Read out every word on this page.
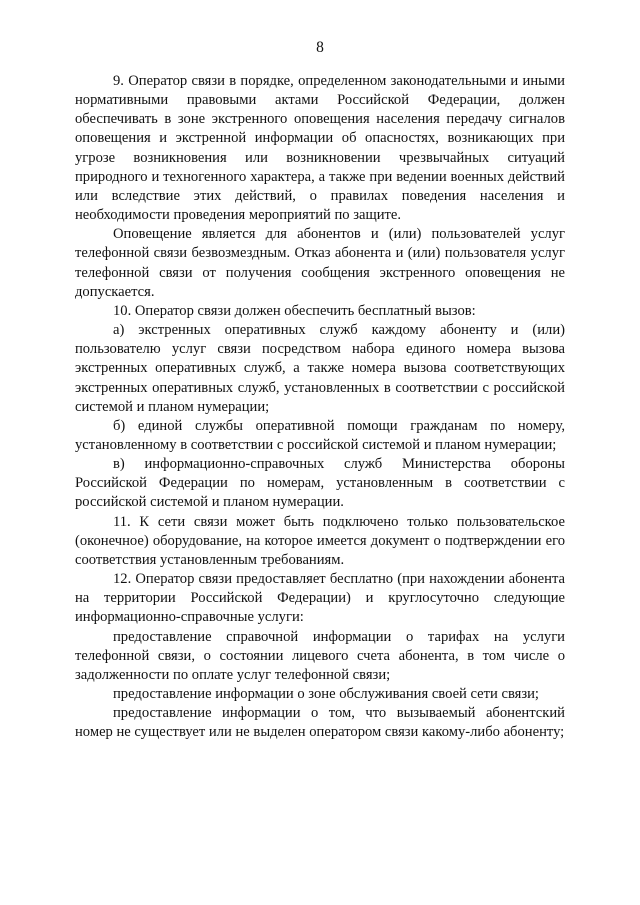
8

9. Оператор связи в порядке, определенном законодательными и иными нормативными правовыми актами Российской Федерации, должен обеспечивать в зоне экстренного оповещения населения передачу сигналов оповещения и экстренной информации об опасностях, возникающих при угрозе возникновения или возникновении чрезвычайных ситуаций природного и техногенного характера, а также при ведении военных действий или вследствие этих действий, о правилах поведения населения и необходимости проведения мероприятий по защите.

Оповещение является для абонентов и (или) пользователей услуг телефонной связи безвозмездным. Отказ абонента и (или) пользователя услуг телефонной связи от получения сообщения экстренного оповещения не допускается.

10. Оператор связи должен обеспечить бесплатный вызов:

а) экстренных оперативных служб каждому абоненту и (или) пользователю услуг связи посредством набора единого номера вызова экстренных оперативных служб, а также номера вызова соответствующих экстренных оперативных служб, установленных в соответствии с российской системой и планом нумерации;

б) единой службы оперативной помощи гражданам по номеру, установленному в соответствии с российской системой и планом нумерации;

в) информационно-справочных служб Министерства обороны Российской Федерации по номерам, установленным в соответствии с российской системой и планом нумерации.

11. К сети связи может быть подключено только пользовательское (оконечное) оборудование, на которое имеется документ о подтверждении его соответствия установленным требованиям.

12. Оператор связи предоставляет бесплатно (при нахождении абонента на территории Российской Федерации) и круглосуточно следующие информационно-справочные услуги:

предоставление справочной информации о тарифах на услуги телефонной связи, о состоянии лицевого счета абонента, в том числе о задолженности по оплате услуг телефонной связи;

предоставление информации о зоне обслуживания своей сети связи;

предоставление информации о том, что вызываемый абонентский номер не существует или не выделен оператором связи какому-либо абоненту;
